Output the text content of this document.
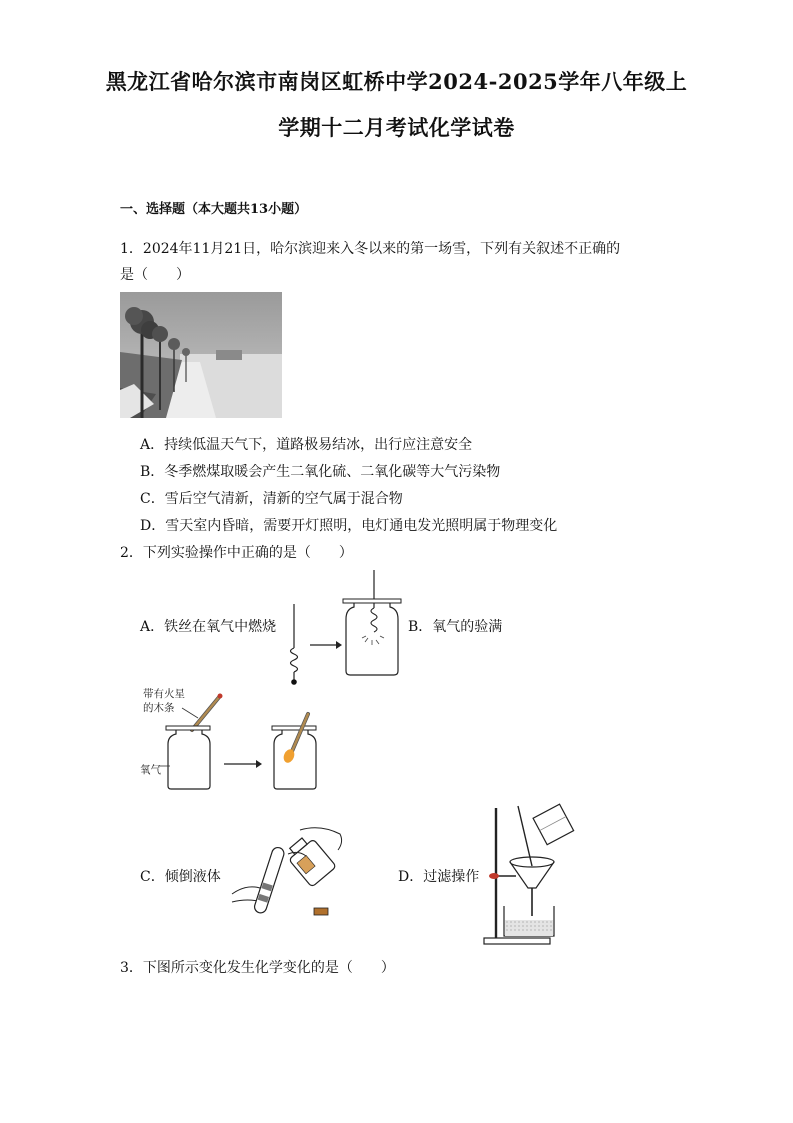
黑龙江省哈尔滨市南岗区虹桥中学2024-2025学年八年级上
学期十二月考试化学试卷
一、选择题（本大题共13小题）
1．2024年11月21日，哈尔滨迎来入冬以来的第一场雪，下列有关叙述不正确的
是（　　）
A．持续低温天气下，道路极易结冰，出行应注意安全
B．冬季燃煤取暖会产生二氧化硫、二氧化碳等大气污染物
C．雪后空气清新，清新的空气属于混合物
D．雪天室内昏暗，需要开灯照明，电灯通电发光照明属于物理变化
2．下列实验操作中正确的是（　　）
A．铁丝在氧气中燃烧	B．氧气的验满
带有火星
的木条
氧气
C．倾倒液体	D．过滤操作
3．下图所示变化发生化学变化的是（　　）
